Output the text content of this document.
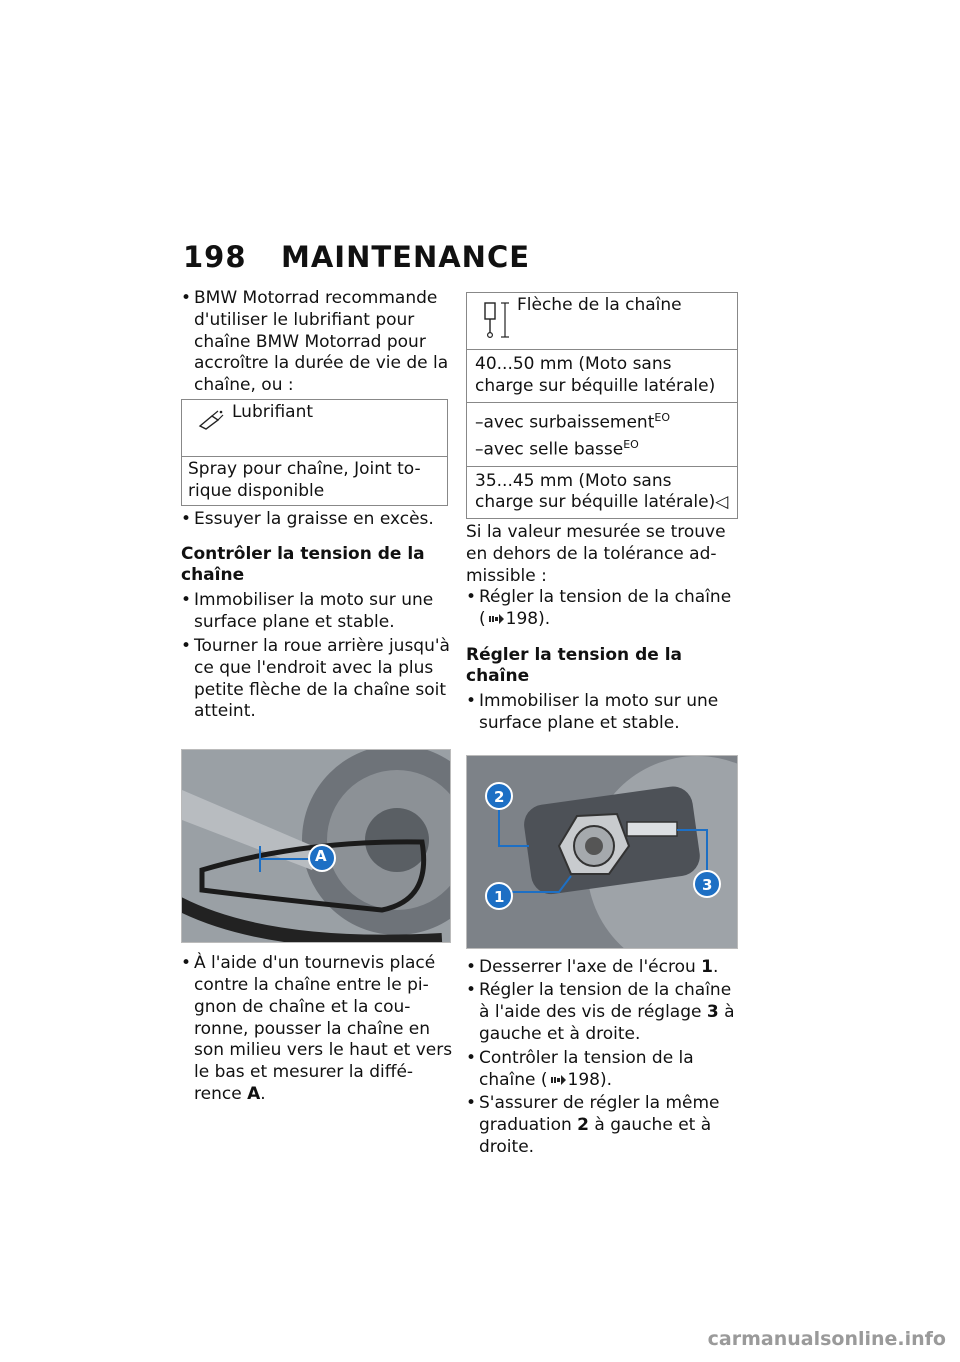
198 MAINTENANCE
• BMW Motorrad recommande d'utiliser le lubrifiant pour chaîne BMW Motorrad pour accroître la durée de vie de la chaîne, ou :
Lubrifiant
Spray pour chaîne, Joint to-rique disponible
• Essuyer la graisse en excès.
Contrôler la tension de la chaîne
• Immobiliser la moto sur une surface plane et stable.
• Tourner la roue arrière jusqu'à ce que l'endroit avec la plus petite flèche de la chaîne soit atteint.
A
• À l'aide d'un tournevis placé contre la chaîne entre le pi-gnon de chaîne et la cou-ronne, pousser la chaîne en son milieu vers le haut et vers le bas et mesurer la diffé-rence A.
Flèche de la chaîne
40...50 mm (Moto sans charge sur béquille latérale)
–avec surbaissement$^{EO}$
–avec selle basse$^{EO}$
35...45 mm (Moto sans charge sur béquille latérale)◁
Si la valeur mesurée se trouve en dehors de la tolérance ad-missible :
• Régler la tension de la chaîne ( 198).
Régler la tension de la chaîne
• Immobiliser la moto sur une surface plane et stable.
2
1
3
• Desserrer l'axe de l'écrou 1.
• Régler la tension de la chaîne à l'aide des vis de réglage 3 à gauche et à droite.
• Contrôler la tension de la chaîne ( 198).
• S'assurer de régler la même graduation 2 à gauche et à droite.
carmanualsonline.info
